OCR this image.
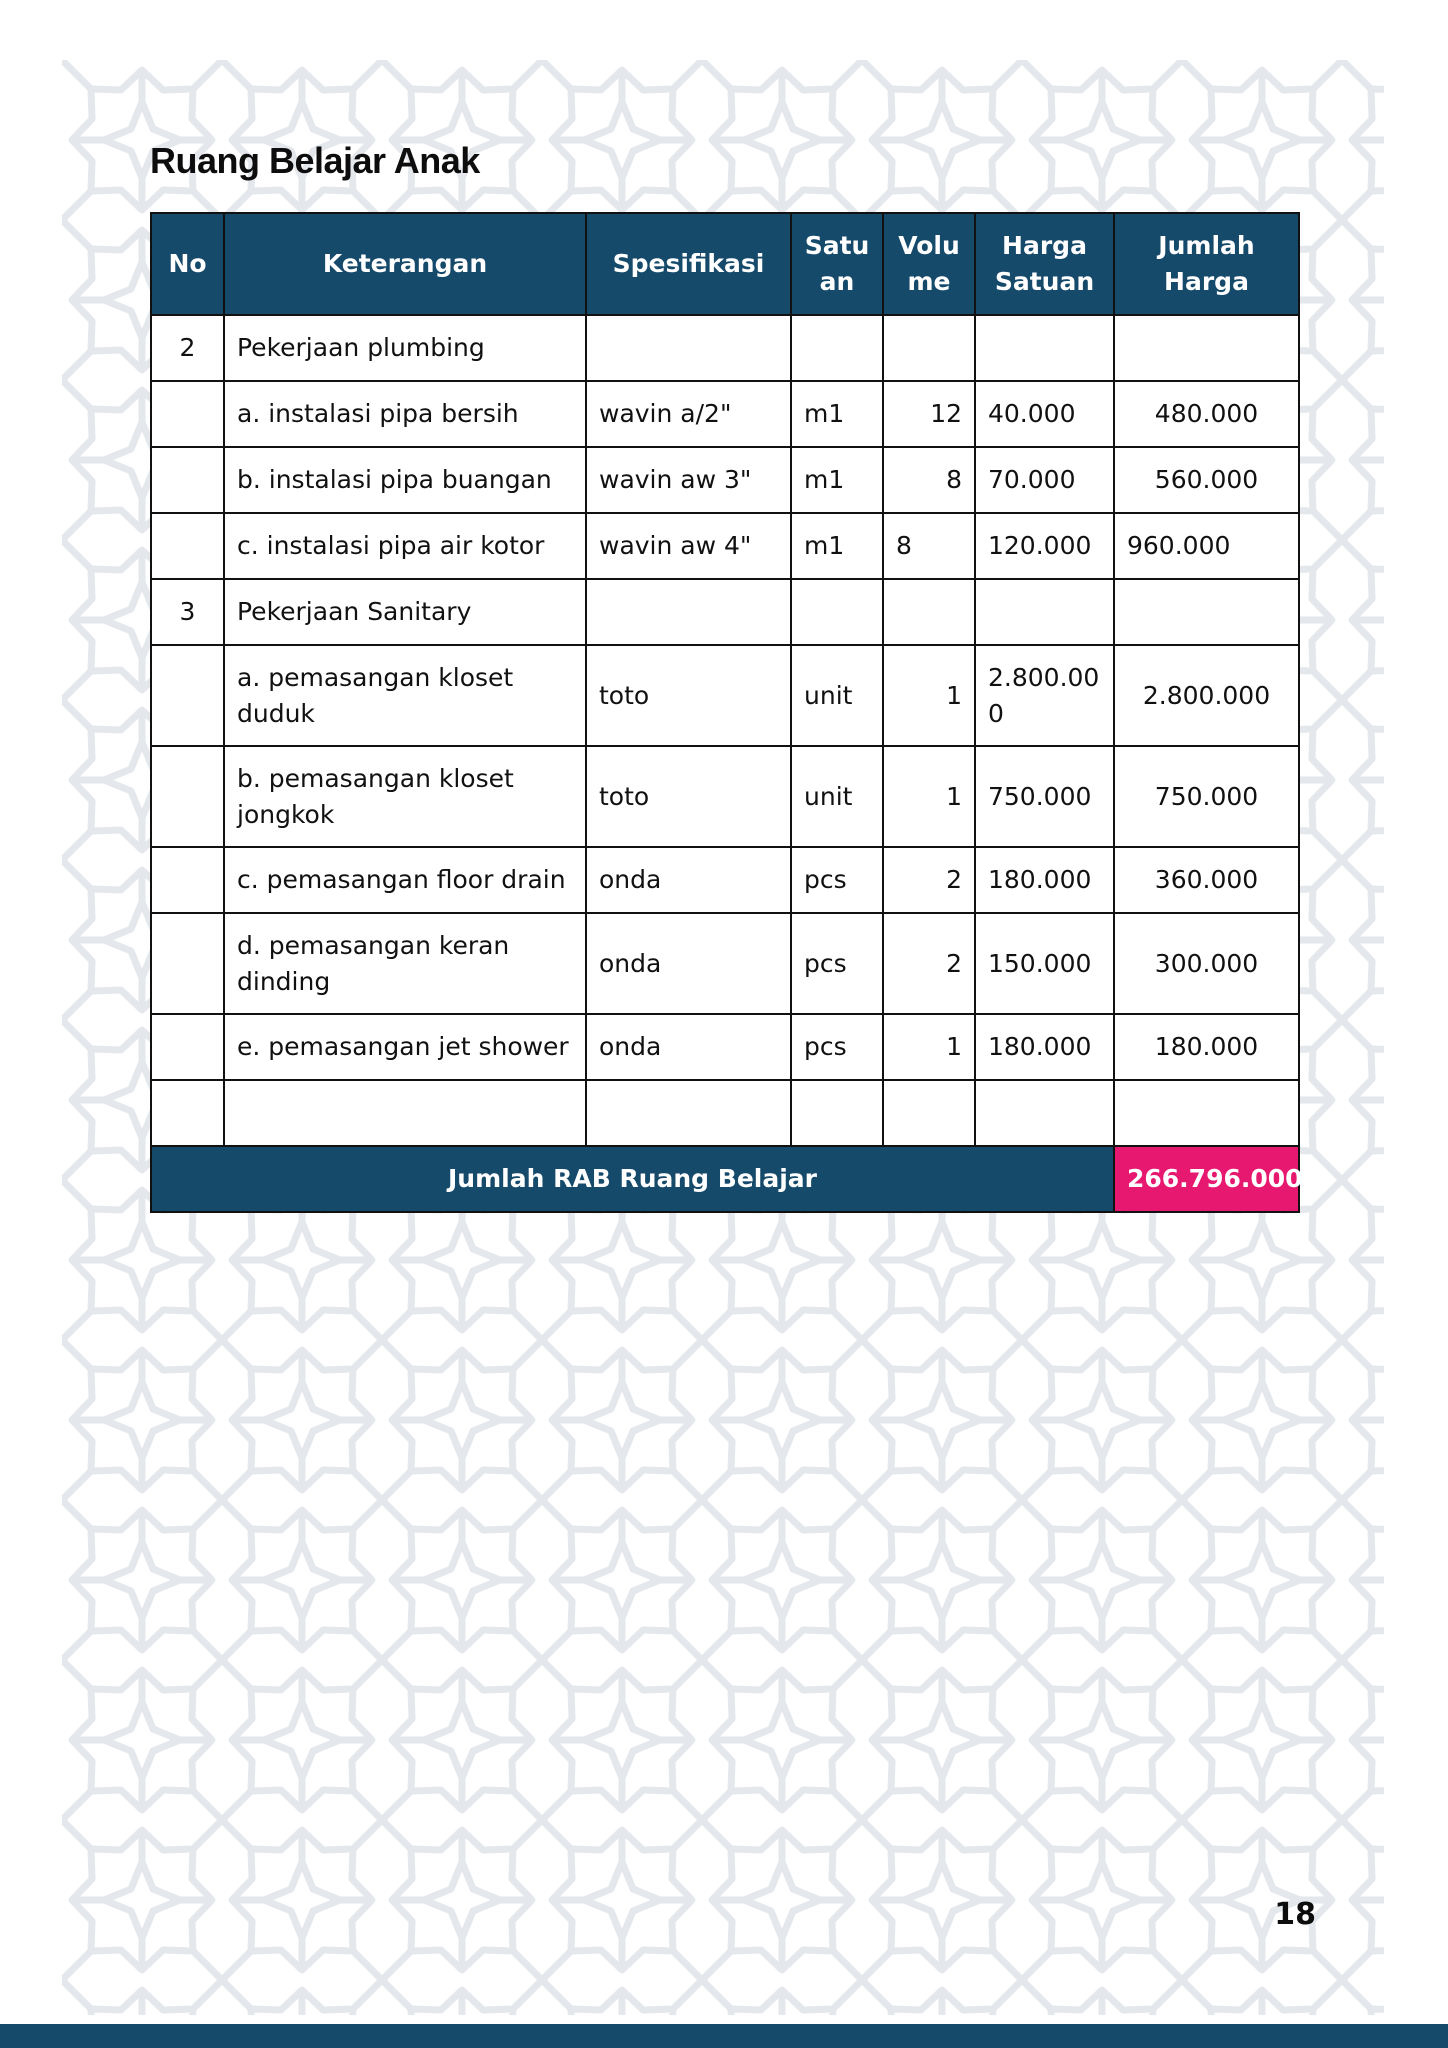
Ruang Belajar Anak
No	Keterangan	Spesifikasi	Satu an	Volu me	Harga Satuan	Jumlah Harga
2	Pekerjaan plumbing					
	a. instalasi pipa bersih	wavin a/2"	m1	12	40.000	480.000
	b. instalasi pipa buangan	wavin aw 3"	m1	8	70.000	560.000
	c. instalasi pipa air kotor	wavin aw 4"	m1	8	120.000	960.000
3	Pekerjaan Sanitary					
	a. pemasangan kloset duduk	toto	unit	1	2.800.000	2.800.000
	b. pemasangan kloset jongkok	toto	unit	1	750.000	750.000
	c. pemasangan floor drain	onda	pcs	2	180.000	360.000
	d. pemasangan keran dinding	onda	pcs	2	150.000	300.000
	e. pemasangan jet shower	onda	pcs	1	180.000	180.000

Jumlah RAB Ruang Belajar						266.796.000
18
